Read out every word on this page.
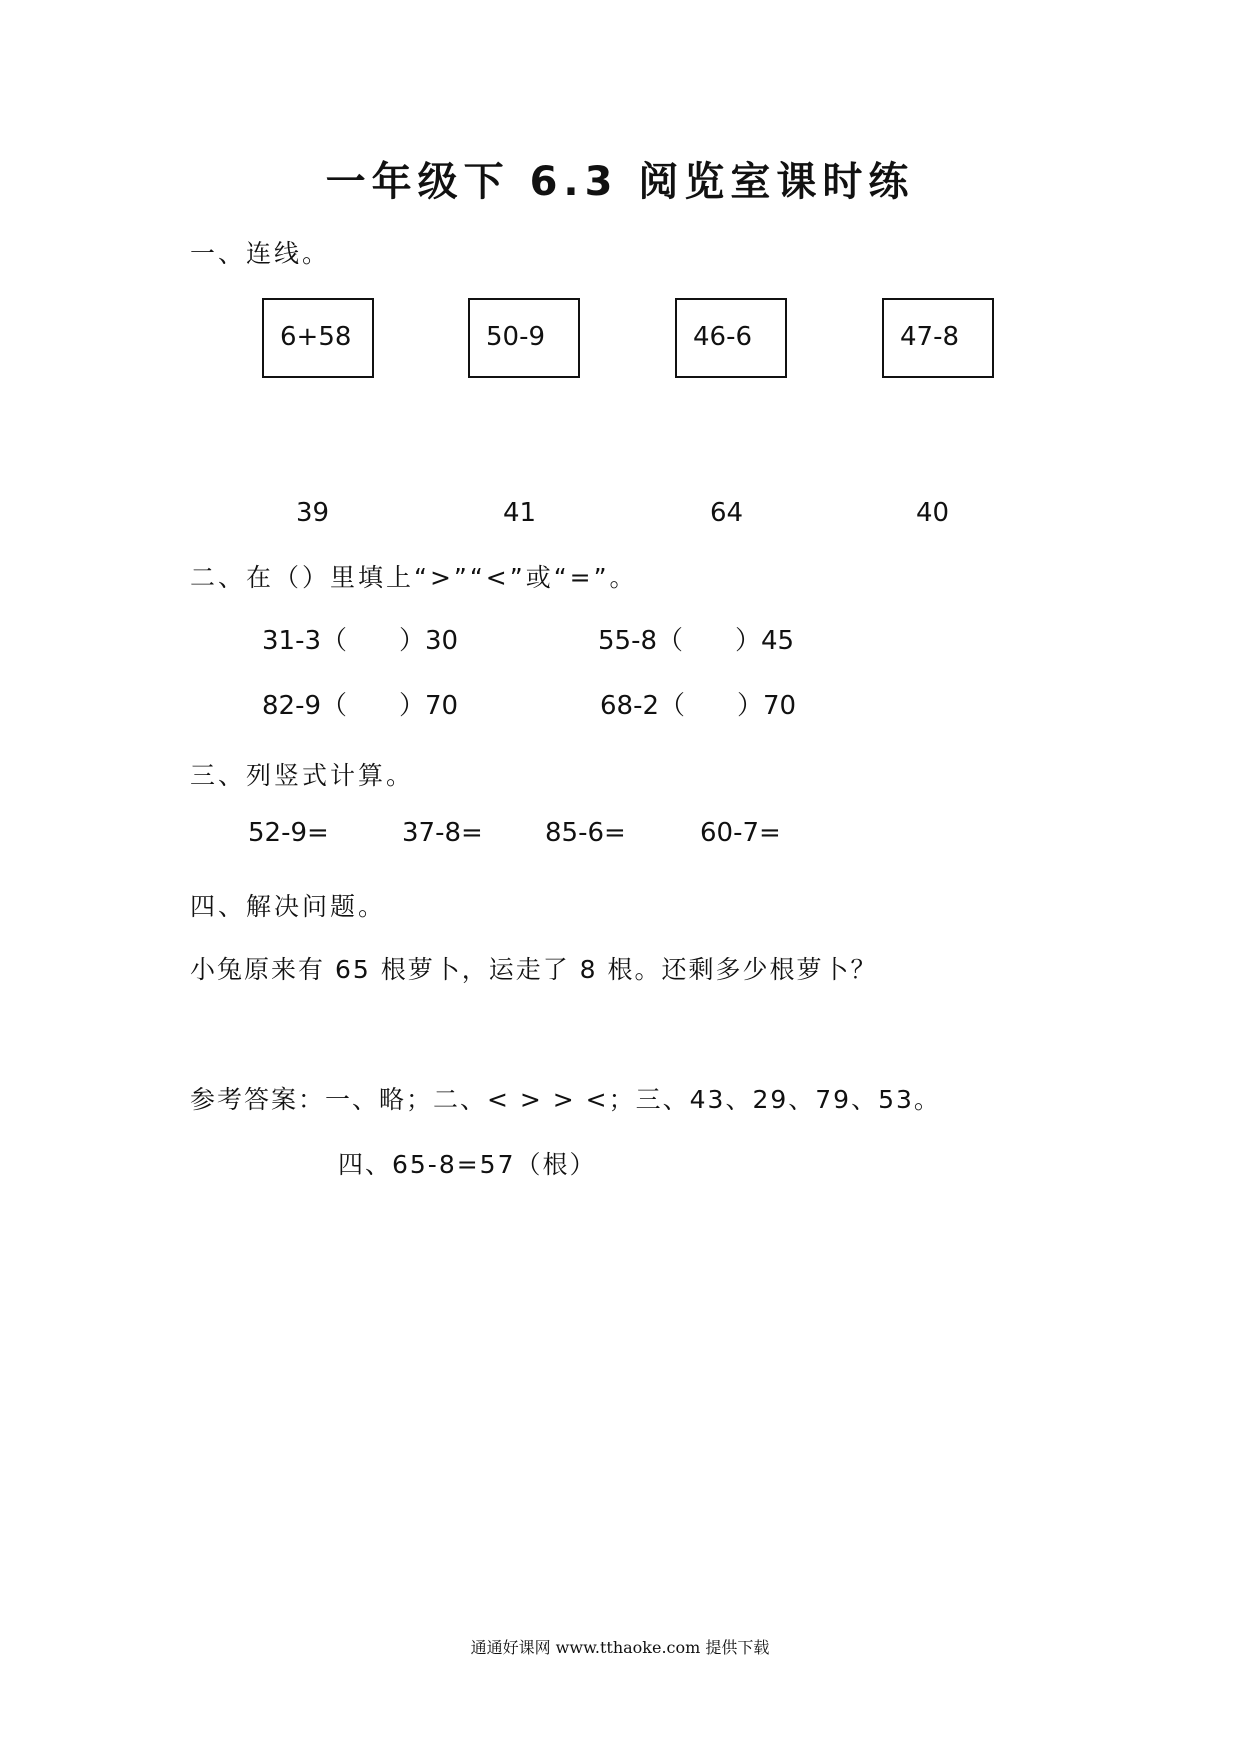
一年级下 6.3 阅览室课时练
一、连线。
6+58	50-9	46-6	47-8
39	41	64	40
二、在（）里填上“>”“<”或“=”。
31-3（　　）30	55-8（　　）45
82-9（　　）70	68-2（　　）70
三、列竖式计算。
52-9=	37-8= 85-6=	60-7=
四、解决问题。
小兔原来有 65 根萝卜，运走了 8 根。还剩多少根萝卜？
参考答案：一、略；二、< > > <；三、43、29、79、53。
四、65-8=57（根）
通通好课网 www.tthaoke.com 提供下载
